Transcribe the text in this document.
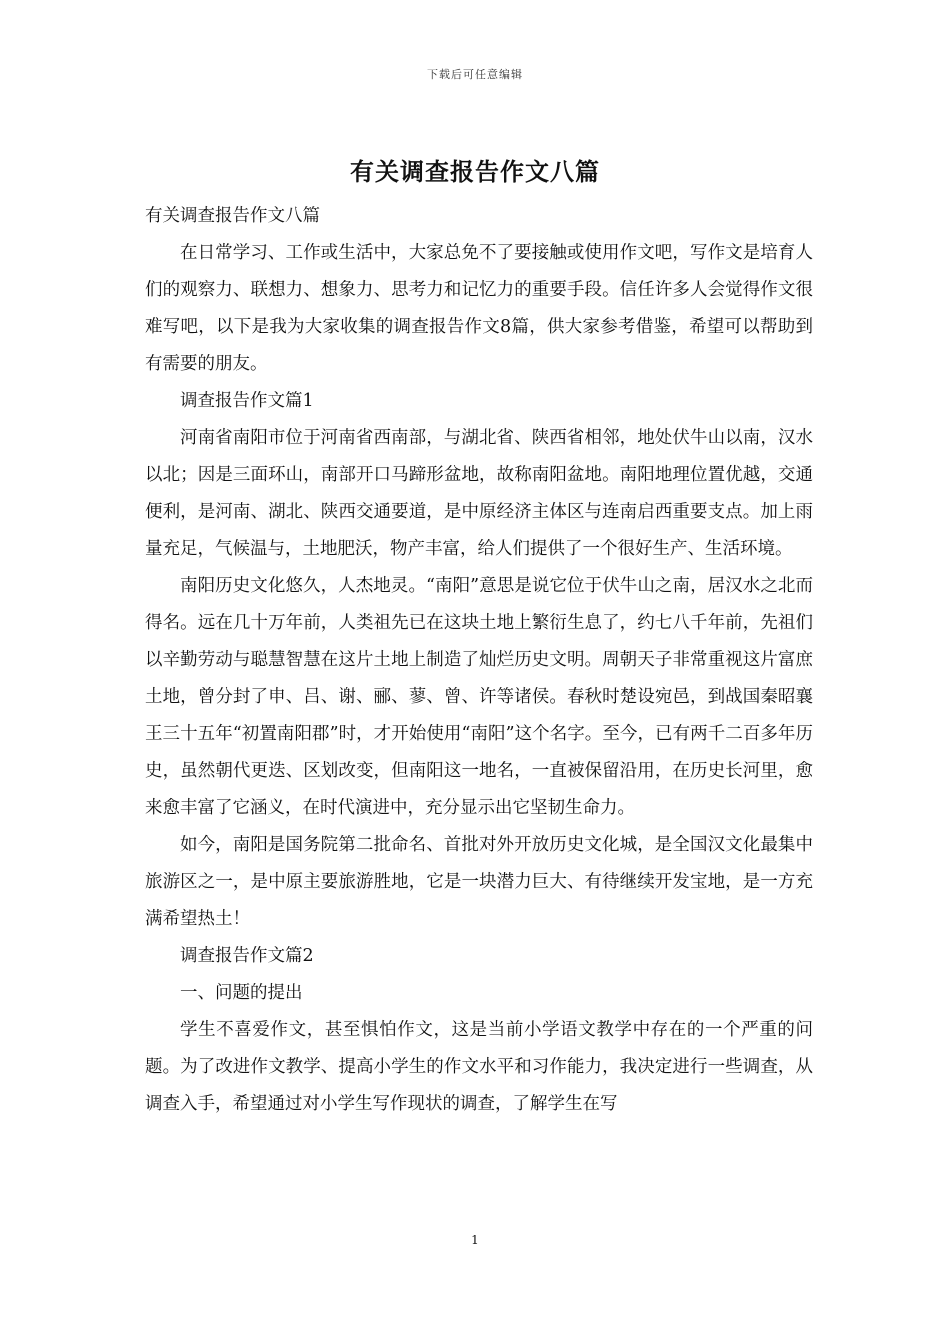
下载后可任意编辑
有关调查报告作文八篇

有关调查报告作文八篇

在日常学习、工作或生活中，大家总免不了要接触或使用作文吧，写作文是培育人们的观察力、联想力、想象力、思考力和记忆力的重要手段。信任许多人会觉得作文很难写吧，以下是我为大家收集的调查报告作文8篇，供大家参考借鉴，希望可以帮助到有需要的朋友。

调查报告作文篇1

河南省南阳市位于河南省西南部，与湖北省、陕西省相邻，地处伏牛山以南，汉水以北；因是三面环山，南部开口马蹄形盆地，故称南阳盆地。南阳地理位置优越，交通便利，是河南、湖北、陕西交通要道，是中原经济主体区与连南启西重要支点。加上雨量充足，气候温与，土地肥沃，物产丰富，给人们提供了一个很好生产、生活环境。

南阳历史文化悠久，人杰地灵。“南阳”意思是说它位于伏牛山之南，居汉水之北而得名。远在几十万年前，人类祖先已在这块土地上繁衍生息了，约七八千年前，先祖们以辛勤劳动与聪慧智慧在这片土地上制造了灿烂历史文明。周朝天子非常重视这片富庶土地，曾分封了申、吕、谢、郦、蓼、曾、许等诸侯。春秋时楚设宛邑，到战国秦昭襄王三十五年“初置南阳郡”时，才开始使用“南阳”这个名字。至今，已有两千二百多年历史，虽然朝代更迭、区划改变，但南阳这一地名，一直被保留沿用，在历史长河里，愈来愈丰富了它涵义，在时代演进中，充分显示出它坚韧生命力。

如今，南阳是国务院第二批命名、首批对外开放历史文化城，是全国汉文化最集中旅游区之一，是中原主要旅游胜地，它是一块潜力巨大、有待继续开发宝地，是一方充满希望热土！

调查报告作文篇2

一、问题的提出

学生不喜爱作文，甚至惧怕作文，这是当前小学语文教学中存在的一个严重的问题。为了改进作文教学、提高小学生的作文水平和习作能力，我决定进行一些调查，从调查入手，希望通过对小学生写作现状的调查，了解学生在写

1
